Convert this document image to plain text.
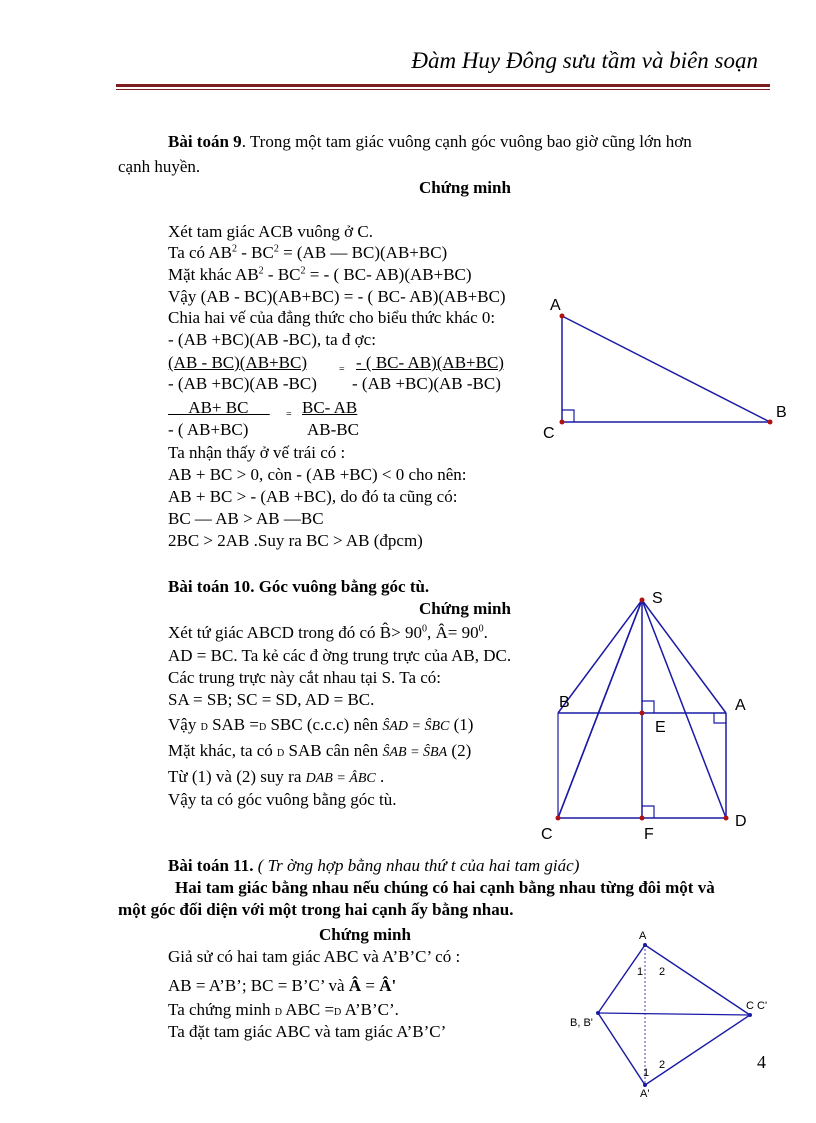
Đàm Huy Đông sưu tầm và biên soạn
Bài toán 9. Trong một tam giác vuông cạnh góc vuông bao giờ cũng lớn hơn
cạnh huyền.
Chứng minh
Xét tam giác ACB vuông ở C.
Ta có $AB^2 - BC^2 = (AB$ — BC)(AB+BC)
Mặt khác $AB^2 - BC^2$ = - ( BC- AB)(AB+BC)
Vậy (AB - BC)(AB+BC) = - ( BC- AB)(AB+BC)
Chia hai vế của đẳng thức cho biểu thức khác 0:
- (AB +BC)(AB -BC), ta đ ợc:
(AB - BC)(AB+BC)	= - ( BC- AB)(AB+BC)
- (AB +BC)(AB -BC) - (AB +BC)(AB -BC)
AB+ BC = BC- AB
- ( AB+BC)	AB-BC
Ta nhận thấy ở vế trái có :
AB + BC > 0, còn - (AB +BC) < 0 cho nên:
AB + BC > - (AB +BC), do đó ta cũng có:
BC — AB > AB —BC
2BC > 2AB .Suy ra BC > AB (đpcm)
A
B
C
Bài toán 10. Góc vuông bằng góc tù.
Chứng minh
Xét tứ giác ABCD trong đó có B̂> $90^0$, Â= $90^0$.
AD = BC. Ta kẻ các đ ờng trung trực của AB, DC.
Các trung trực này cắt nhau tại S. Ta có:
SA = SB; SC = SD, AD = BC.
Vậy D SAB =D SBC (c.c.c) nên ŜAD = ŜBC (1)
Mặt khác, ta có D SAB cân nên ŜAB = ŜBA (2)
Từ (1) và (2) suy ra DAB = ÂBC .
Vậy ta có góc vuông bằng góc tù.
S
B	A
E
C	F
D
Bài toán 11. ( Tr ờng hợp bằng nhau thứ t của hai tam giác)
Hai tam giác bằng nhau nếu chúng có hai cạnh bằng nhau từng đôi một và
một góc đối diện với một trong hai cạnh ấy bằng nhau.
Chứng minh
Giả sử có hai tam giác ABC và A’B’C’ có :
AB = A’B’; BC = B’C’ và Â = Â'
Ta chứng minh D ABC =D A’B’C’.
Ta đặt tam giác ABC và tam giác A’B’C’
A
1 2
B, B'
C C'
1
2
A'
4
